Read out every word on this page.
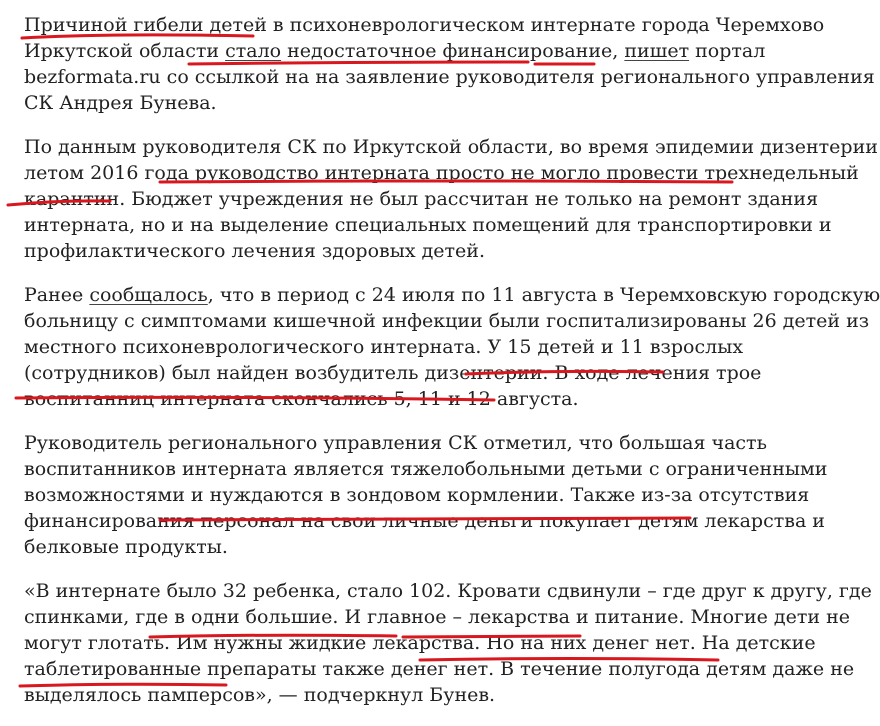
Причиной гибели детей в психоневрологическом интернате города Черемхово
Иркутской области стало недостаточное финансирование, пишет портал
bezformata.ru со ссылкой на на заявление руководителя регионального управления
СК Андрея Бунева.

По данным руководителя СК по Иркутской области, во время эпидемии дизентерии
летом 2016 года руководство интерната просто не могло провести трехнедельный
карантин. Бюджет учреждения не был рассчитан не только на ремонт здания
интерната, но и на выделение специальных помещений для транспортировки и
профилактического лечения здоровых детей.

Ранее сообщалось, что в период с 24 июля по 11 августа в Черемховскую городскую
больницу с симптомами кишечной инфекции были госпитализированы 26 детей из
местного психоневрологического интерната. У 15 детей и 11 взрослых
(сотрудников) был найден возбудитель дизентерии. В ходе лечения трое
воспитанниц интерната скончались 5, 11 и 12 августа.

Руководитель регионального управления СК отметил, что большая часть
воспитанников интерната является тяжелобольными детьми с ограниченными
возможностями и нуждаются в зондовом кормлении. Также из-за отсутствия
финансирования персонал на свои личные деньги покупает детям лекарства и
белковые продукты.

«В интернате было 32 ребенка, стало 102. Кровати сдвинули – где друг к другу, где
спинками, где в одни большие. И главное – лекарства и питание. Многие дети не
могут глотать. Им нужны жидкие лекарства. Но на них денег нет. На детские
таблетированные препараты также денег нет. В течение полугода детям даже не
выделялось памперсов», — подчеркнул Бунев.
